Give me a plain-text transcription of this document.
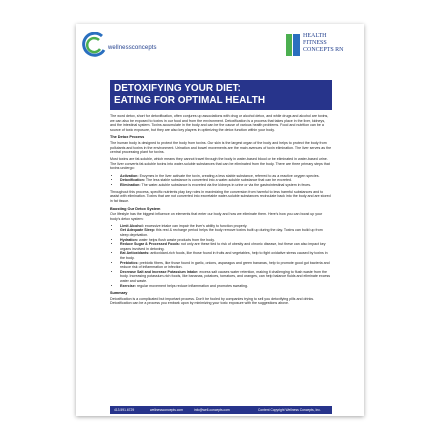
wellnessconcepts
HEALTH
FITNESS
CONCEPTS RN
DETOXIFYING YOUR DIET:
EATING FOR OPTIMAL HEALTH

The word detox, short for detoxification, often conjures up associations with drug or alcohol detox, and while drugs and alcohol are toxins, we can also be exposed to toxins in our food and from the environment. Detoxification is a process that takes place in the liver, kidneys, and the intestinal system. Toxins accumulate in the body and can be the cause of various health problems. Food and nutrition can be a source of toxic exposure, but they are also key players in optimizing the detox function within your body.

The Detox Process

The human body is designed to protect the body from toxins. Our skin is the largest organ of the body and helps to protect the body from pollutants and toxins in the environment. Urination and bowel movements are the main avenues of toxin elimination. The liver serves as the central processing plant for toxins.

Most toxins are fat-soluble, which means they cannot travel through the body in water-based blood or be eliminated in water-based urine. The liver converts fat-soluble toxins into water-soluble substances that can be eliminated from the body. There are three primary steps that toxins undergo:

• Activation: Enzymes in the liver activate the toxin, creating a less stable substance, referred to as a reactive oxygen species.
• Detoxification: The less stable substance is converted into a water-soluble substance that can be excreted.
• Elimination: The water-soluble substance is excreted via the kidneys in urine or via the gastrointestinal system in feces.

Throughout this process, specific nutrients play key roles in maximizing the conversion from harmful to less harmful substances and to assist with elimination. Toxins that are not converted into excretable water-soluble substances recirculate back into the body and are stored in fat tissue.

Boosting Our Detox System

Our lifestyle has the biggest influence on elements that enter our body and how we eliminate them. Here's how you can boost up your body's detox system:

• Limit Alcohol: excessive intake can impair the liver's ability to function properly.
• Get Adequate Sleep: this rest & recharge period helps the body remove toxins built up during the day. Toxins can build up from sleep deprivation.
• Hydration: water helps flush waste products from the body.
• Reduce Sugar & Processed Foods: not only are these tied to risk of obesity and chronic disease, but these can also impact key organs involved in detoxing.
• Eat Antioxidants: antioxidant-rich foods, like those found in fruits and vegetables, help to fight oxidative stress caused by toxins in the body.
• Prebiotics: prebiotic fibers, like those found in garlic, onions, asparagus and green bananas, help to promote good gut bacteria and reduce risk of inflammation or infection.
• Decrease Salt and Increase Potassium Intake: excess salt causes water retention, making it challenging to flush waste from the body. Increasing potassium-rich foods, like bananas, potatoes, tomatoes, and oranges, can help balance fluids and eliminate excess water and waste.
• Exercise: regular movement helps reduce inflammation and promotes sweating.
Summary

Detoxification is a complicated but important process. Don't be fooled by companies trying to sell you detoxifying pills and drinks. Detoxification can be a process you embark upon by minimizing your toxic exposure with the suggestions above.

413.591.6729	wellnessconcepts.com	info@well-concepts.com	Content Copyright Wellness Concepts, Inc.
